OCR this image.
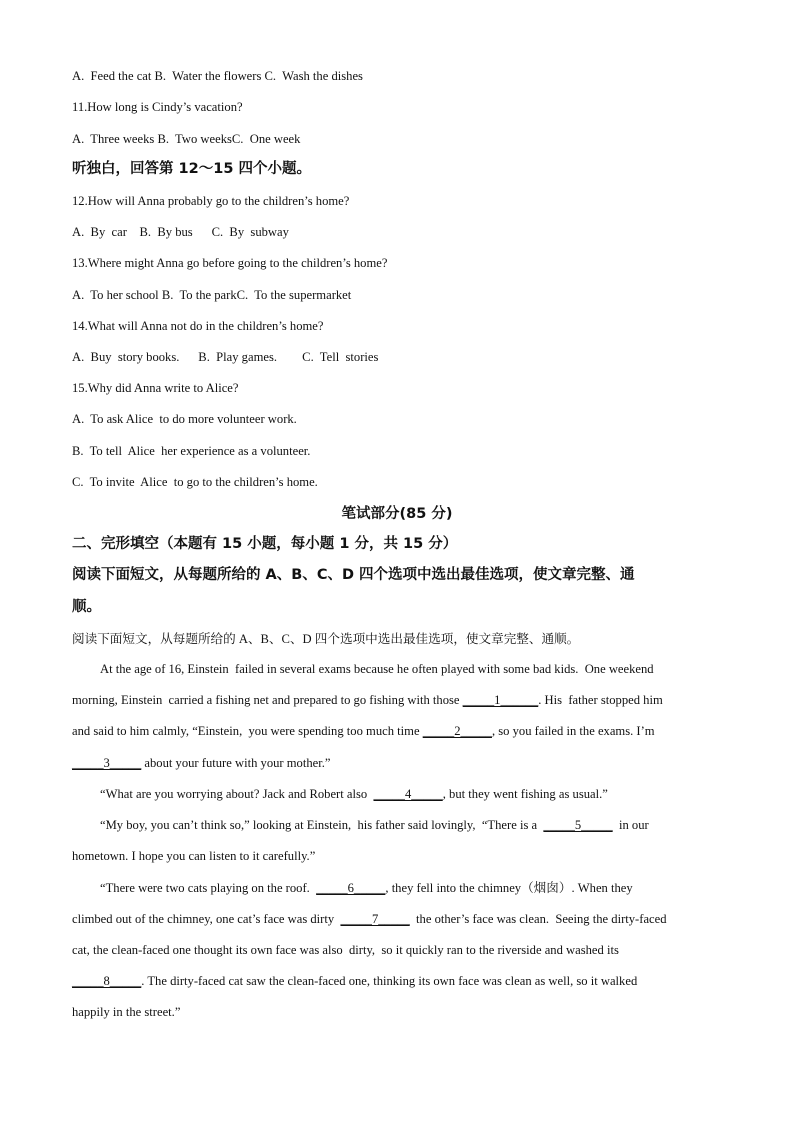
A.  Feed the cat B.  Water the flowers C.  Wash the dishes
11.How long is Cindy’s vacation?
A.  Three weeks B.  Two weeksC.  One week
听独白，回答第 12～15 四个小题。
12.How will Anna probably go to the children’s home?
A.  By  car    B.  By bus      C.  By  subway
13.Where might Anna go before going to the children’s home?
A.  To her school B.  To the parkC.  To the supermarket
14.What will Anna not do in the children’s home?
A.  Buy  story books.      B.  Play games.        C.  Tell  stories
15.Why did Anna write to Alice?
A.  To ask Alice  to do more volunteer work.
B.  To tell  Alice  her experience as a volunteer.
C.  To invite  Alice  to go to the children’s home.
笔试部分(85 分)
二、完形填空（本题有 15 小题，每小题 1 分，共 15 分）
阅读下面短文，从每题所给的 A、B、C、D 四个选项中选出最佳选项，使文章完整、通
顺。
阅读下面短文，从每题所给的 A、B、C、D 四个选项中选出最佳选项，使文章完整、通顺。
At the age of 16, Einstein  failed in several exams because he often played with some bad kids.  One weekend
morning, Einstein  carried a fishing net and prepared to go fishing with those _____1______. His  father stopped him
and said to him calmly, “Einstein,  you were spending too much time _____2_____, so you failed in the exams. I’m
_____3_____ about your future with your mother.”
“What are you worrying about? Jack and Robert also  _____4_____, but they went fishing as usual.”
“My boy, you can’t think so,” looking at Einstein,  his father said lovingly,  “There is a  _____5_____  in our
hometown. I hope you can listen to it carefully.”
“There were two cats playing on the roof.  _____6_____, they fell into the chimney（烟囱）. When they
climbed out of the chimney, one cat’s face was dirty  _____7_____  the other’s face was clean.  Seeing the dirty-faced
cat, the clean-faced one thought its own face was also  dirty,  so it quickly ran to the riverside and washed its
_____8_____. The dirty-faced cat saw the clean-faced one, thinking its own face was clean as well, so it walked
happily in the street.”
